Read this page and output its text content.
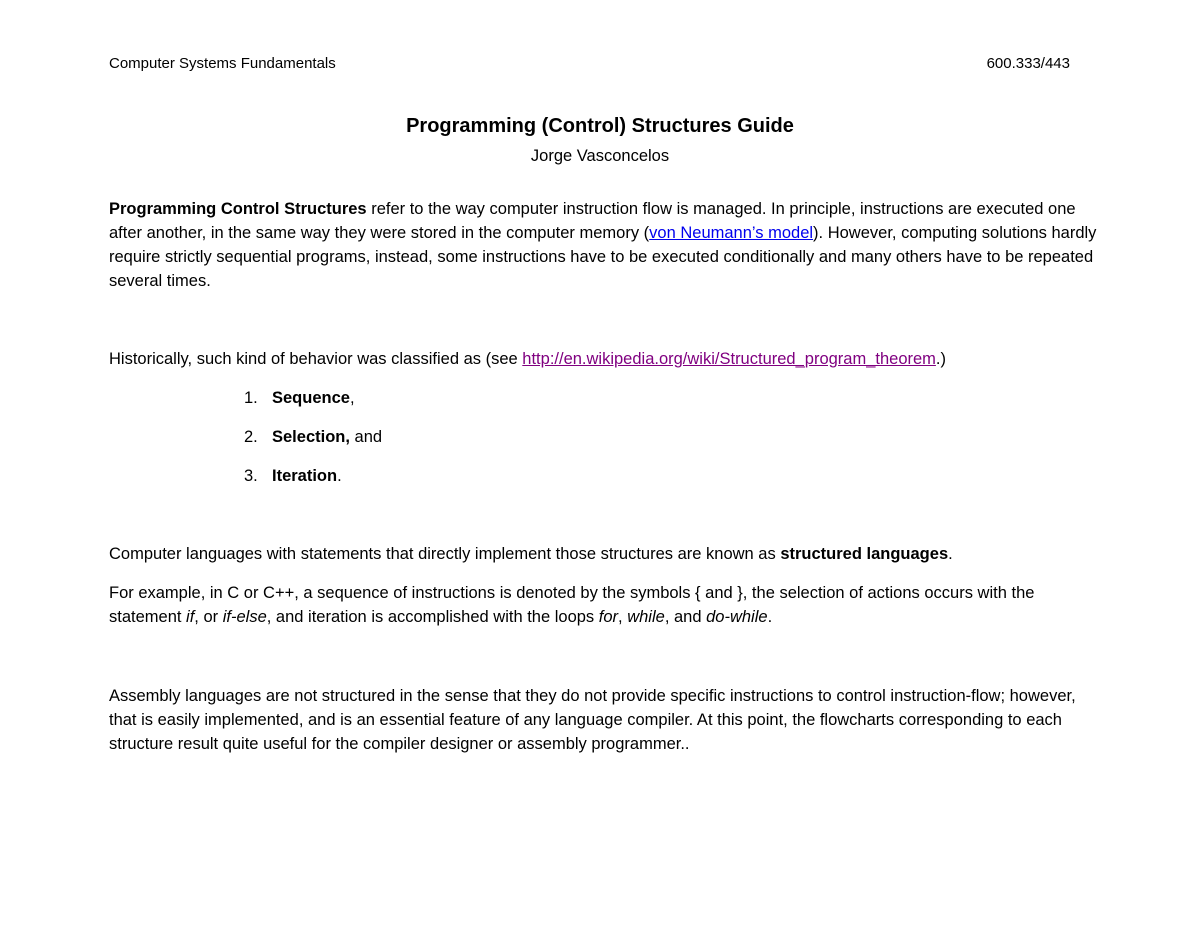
Computer Systems Fundamentals	600.333/443
Programming (Control) Structures Guide
Jorge Vasconcelos

Programming Control Structures refer to the way computer instruction flow is managed. In principle, instructions are executed one after another, in the same way they were stored in the computer memory (von Neumann’s model). However, computing solutions hardly require strictly sequential programs, instead, some instructions have to be executed conditionally and many others have to be repeated several times.

Historically, such kind of behavior was classified as (see http://en.wikipedia.org/wiki/Structured_program_theorem.)

1. Sequence,
2. Selection, and
3. Iteration.

Computer languages with statements that directly implement those structures are known as structured languages.

For example, in C or C++, a sequence of instructions is denoted by the symbols { and }, the selection of actions occurs with the statement if, or if-else, and iteration is accomplished with the loops for, while, and do-while.

Assembly languages are not structured in the sense that they do not provide specific instructions to control instruction-flow; however, that is easily implemented, and is an essential feature of any language compiler. At this point, the flowcharts corresponding to each structure result quite useful for the compiler designer or assembly programmer..
